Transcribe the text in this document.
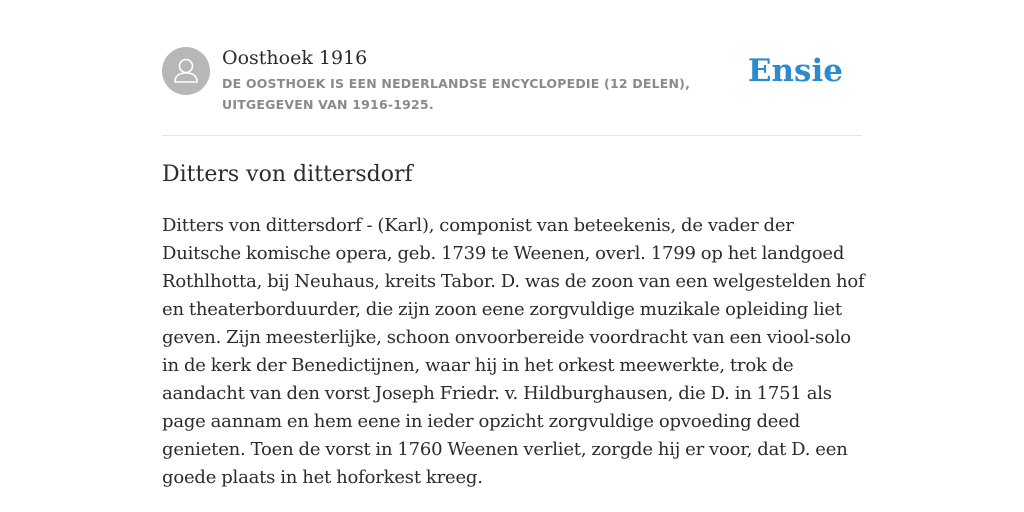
Oosthoek 1916
DE OOSTHOEK IS EEN NEDERLANDSE ENCYCLOPEDIE (12 DELEN), UITGEGEVEN VAN 1916-1925.
Ensie
Ditters von dittersdorf

Ditters von dittersdorf - (Karl), componist van beteekenis, de vader der Duitsche komische opera, geb. 1739 te Weenen, overl. 1799 op het landgoed Rothlhotta, bij Neuhaus, kreits Tabor. D. was de zoon van een welgestelden hof en theaterborduurder, die zijn zoon eene zorgvuldige muzikale opleiding liet geven. Zijn meesterlijke, schoon onvoorbereide voordracht van een viool-solo in de kerk der Benedictijnen, waar hij in het orkest meewerkte, trok de aandacht van den vorst Joseph Friedr. v. Hildburghausen, die D. in 1751 als page aannam en hem eene in ieder opzicht zorgvuldige opvoeding deed genieten. Toen de vorst in 1760 Weenen verliet, zorgde hij er voor, dat D. een goede plaats in het hoforkest kreeg.
